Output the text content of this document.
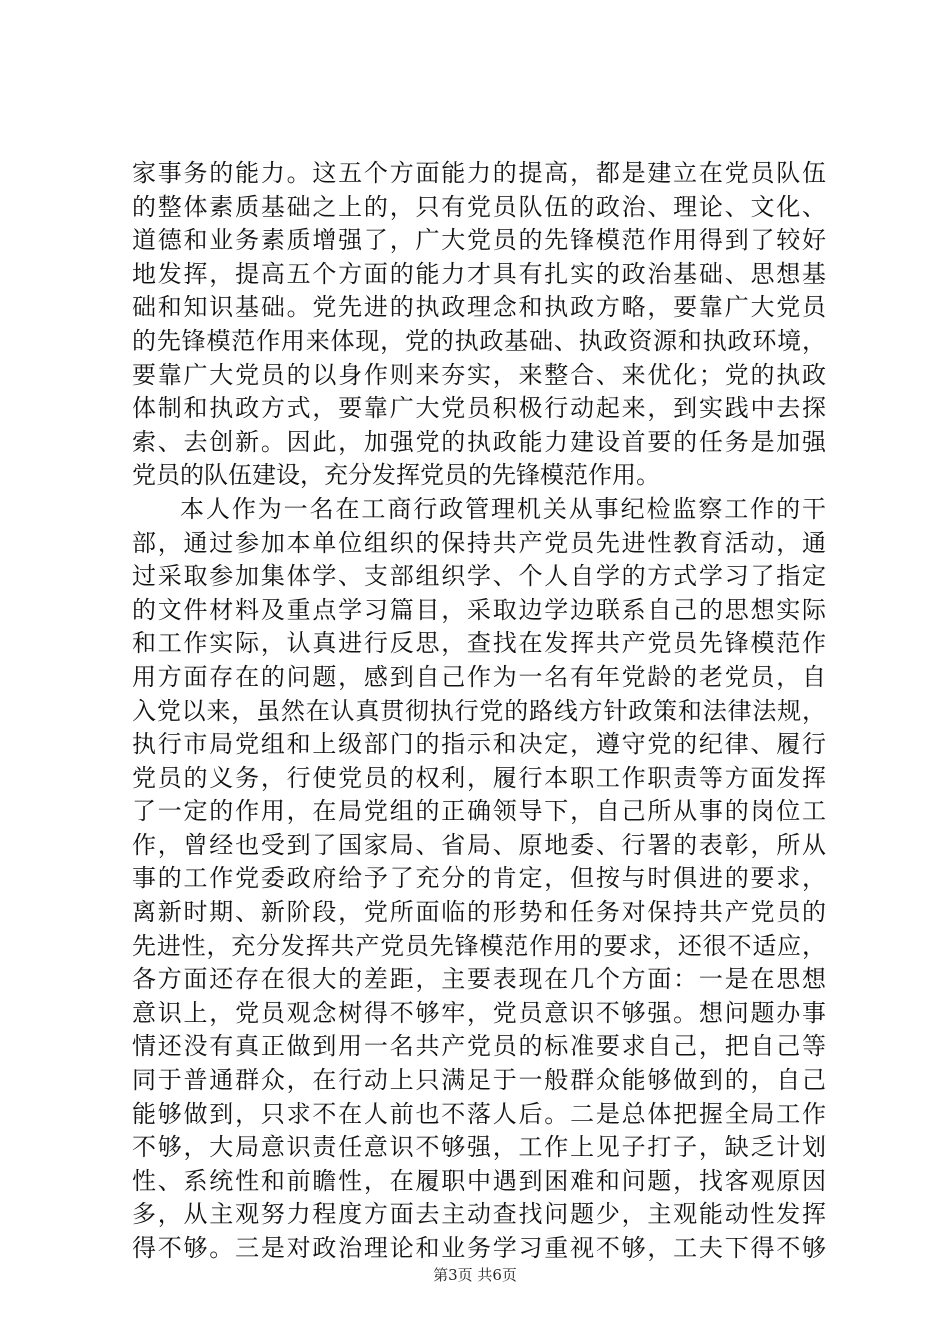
家事务的能力。这五个方面能力的提高，都是建立在党员队伍
的整体素质基础之上的，只有党员队伍的政治、理论、文化、
道德和业务素质增强了，广大党员的先锋模范作用得到了较好
地发挥，提高五个方面的能力才具有扎实的政治基础、思想基
础和知识基础。党先进的执政理念和执政方略，要靠广大党员
的先锋模范作用来体现，党的执政基础、执政资源和执政环境，
要靠广大党员的以身作则来夯实，来整合、来优化；党的执政
体制和执政方式，要靠广大党员积极行动起来，到实践中去探
索、去创新。因此，加强党的执政能力建设首要的任务是加强
党员的队伍建设，充分发挥党员的先锋模范作用。
本人作为一名在工商行政管理机关从事纪检监察工作的干
部，通过参加本单位组织的保持共产党员先进性教育活动，通
过采取参加集体学、支部组织学、个人自学的方式学习了指定
的文件材料及重点学习篇目，采取边学边联系自己的思想实际
和工作实际，认真进行反思，查找在发挥共产党员先锋模范作
用方面存在的问题，感到自己作为一名有年党龄的老党员，自
入党以来，虽然在认真贯彻执行党的路线方针政策和法律法规，
执行市局党组和上级部门的指示和决定，遵守党的纪律、履行
党员的义务，行使党员的权利，履行本职工作职责等方面发挥
了一定的作用，在局党组的正确领导下，自己所从事的岗位工
作，曾经也受到了国家局、省局、原地委、行署的表彰，所从
事的工作党委政府给予了充分的肯定，但按与时俱进的要求，
离新时期、新阶段，党所面临的形势和任务对保持共产党员的
先进性，充分发挥共产党员先锋模范作用的要求，还很不适应，
各方面还存在很大的差距，主要表现在几个方面：一是在思想
意识上，党员观念树得不够牢，党员意识不够强。想问题办事
情还没有真正做到用一名共产党员的标准要求自己，把自己等
同于普通群众，在行动上只满足于一般群众能够做到的，自己
能够做到，只求不在人前也不落人后。二是总体把握全局工作
不够，大局意识责任意识不够强，工作上见子打子，缺乏计划
性、系统性和前瞻性，在履职中遇到困难和问题，找客观原因
多，从主观努力程度方面去主动查找问题少，主观能动性发挥
得不够。三是对政治理论和业务学习重视不够，工夫下得不够
第3页 共6页
